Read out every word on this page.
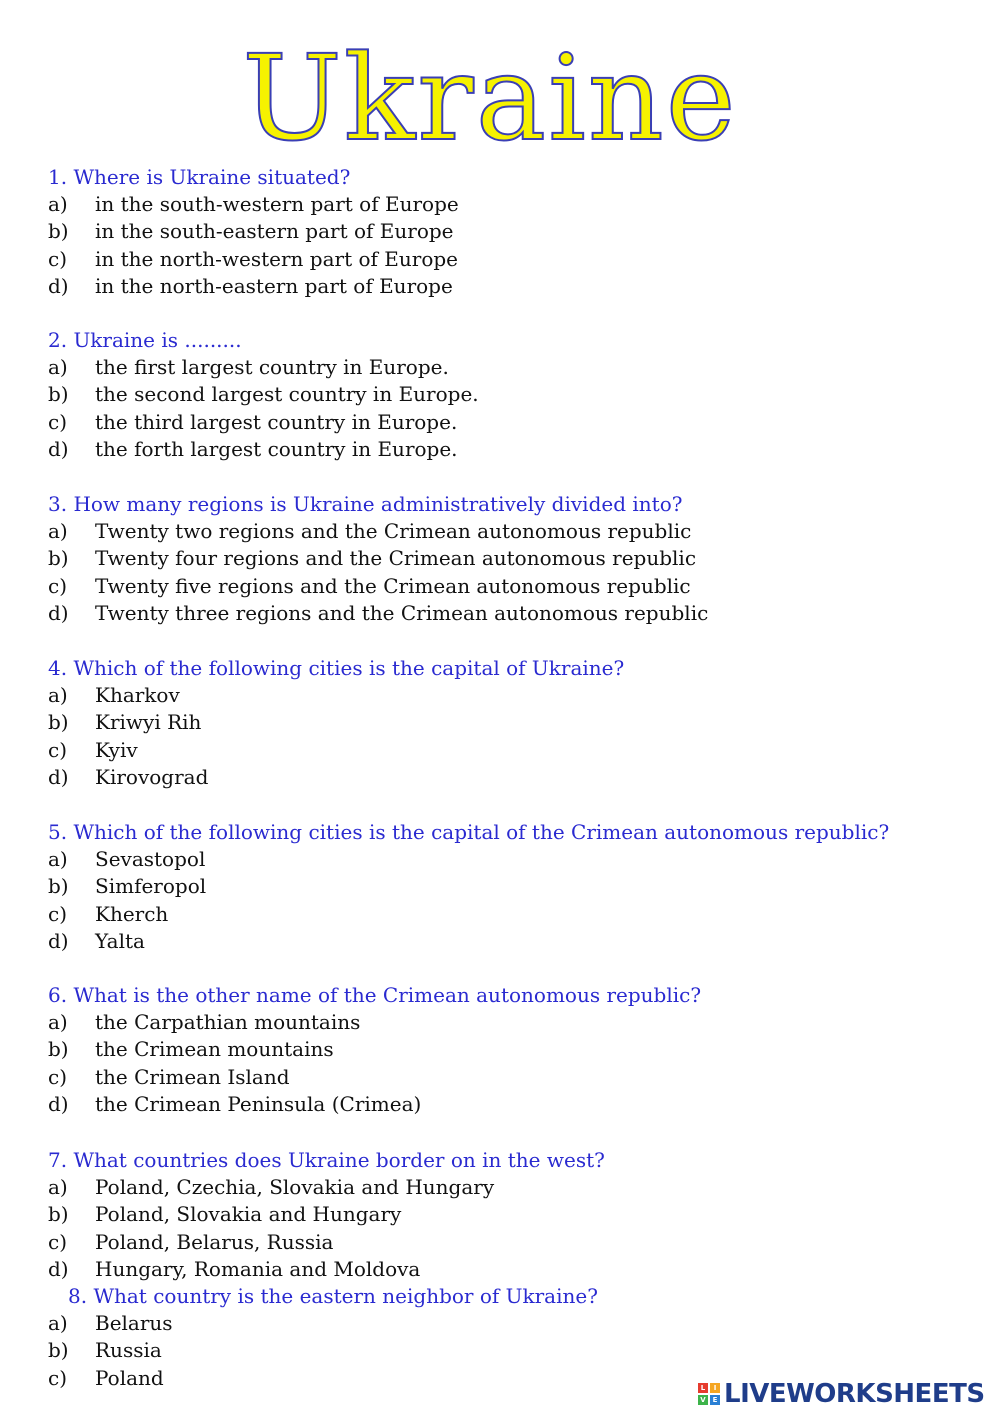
Ukraine
1. Where is Ukraine situated?
a) in the south-western part of Europe
b) in the south-eastern part of Europe
c) in the north-western part of Europe
d) in the north-eastern part of Europe
2. Ukraine is .........
a) the first largest country in Europe.
b) the second largest country in Europe.
c) the third largest country in Europe.
d) the forth largest country in Europe.
3. How many regions is Ukraine administratively divided into?
a) Twenty two regions and the Crimean autonomous republic
b) Twenty four regions and the Crimean autonomous republic
c) Twenty five regions and the Crimean autonomous republic
d) Twenty three regions and the Crimean autonomous republic
4. Which of the following cities is the capital of Ukraine?
a) Kharkov
b) Kriwyi Rih
c) Kyiv
d) Kirovograd
5. Which of the following cities is the capital of the Crimean autonomous republic?
a) Sevastopol
b) Simferopol
c) Kherch
d) Yalta
6. What is the other name of the Crimean autonomous republic?
a) the Carpathian mountains
b) the Crimean mountains
c) the Crimean Island
d) the Crimean Peninsula (Crimea)
7. What countries does Ukraine border on in the west?
a) Poland, Czechia, Slovakia and Hungary
b) Poland, Slovakia and Hungary
c) Poland, Belarus, Russia
d) Hungary, Romania and Moldova
8. What country is the eastern neighbor of Ukraine?
a) Belarus
b) Russia
c) Poland	L	I
V E LIVEWORKSHEETS
